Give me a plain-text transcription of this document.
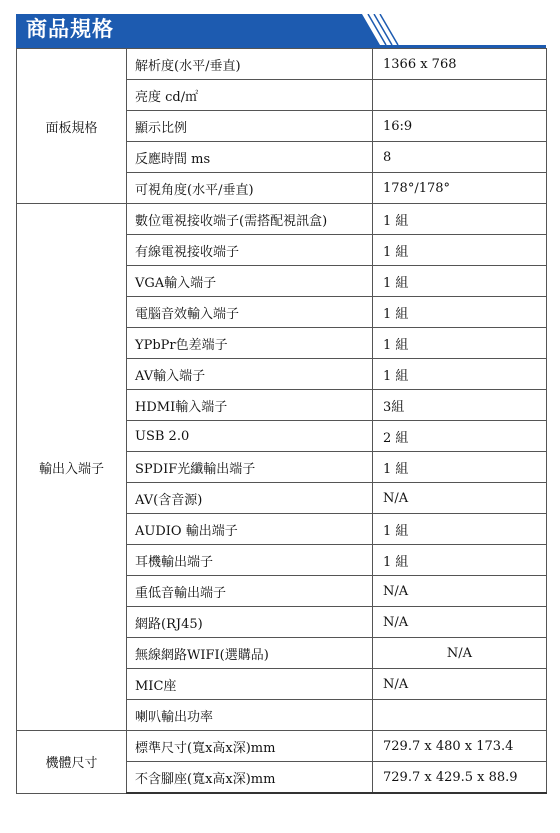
商品規格
面板規格	解析度(水平/垂直)	1366 x 768
	亮度 cd/㎡	
	顯示比例	16:9
	反應時間 ms	8
	可視角度(水平/垂直)	178°/178°
輸出入端子	數位電視接收端子(需搭配視訊盒)	1 組
	有線電視接收端子	1 組
	VGA輸入端子	1 組
	電腦音效輸入端子	1 組
	YPbPr色差端子	1 組
	AV輸入端子	1 組
	HDMI輸入端子	3組
	USB 2.0	2 組
	SPDIF光纖輸出端子	1 組
	AV(含音源)	N/A
	AUDIO 輸出端子	1 組
	耳機輸出端子	1 組
	重低音輸出端子	N/A
	網路(RJ45)	N/A
	無線網路WIFI(選購品)	N/A
	MIC座	N/A
	喇叭輸出功率	
機體尺寸	標準尺寸(寬x高x深)mm	729.7 x 480 x 173.4
	不含腳座(寬x高x深)mm	729.7 x 429.5 x 88.9
